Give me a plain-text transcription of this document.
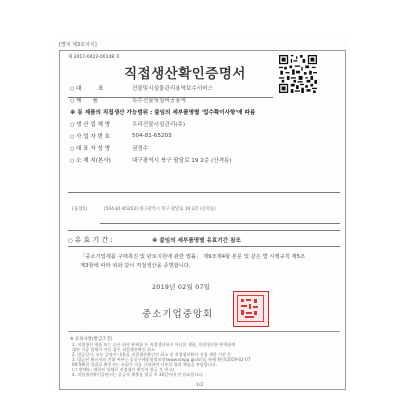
[별지 제3호서식]
제 2017-0422-00148 호
직접생산확인증명서
○ 대　　　표	건물및시설물관리용역보수서비스
○ 제　　품	특수건물및설비공용역
※ 동 제품의 직접생산 가능범위 : 불임의 세부품명별 '업수확이사항'에 따름
○ 생 산 업 체 명	우리건물시설관리(주)
○ 사 업 자 번 호	504-81-65203
○ 대 표 자 성 명	권정수
○ 소 재 지(본사)	대구광역시 북구 팔달로 19 2층 (산격동)
(공장1)	[504-81-65203] 대구광역시 북구 팔달로 19 2층 (산격동)
○ 유 효 기 간 :	※ 붙임의 세부품명별 유효기간 참조
「중소기업제품 구매촉진 및 판로지원에 관한 법률」 제9조제4항 본문 및 같은 법 시행규칙 제5조제3항에 따라 위와 같이 직접생산을 증명합니다.
2019년 02월 07일
중소기업중앙회
※ 유의사항(발급조건)
1. 직접생산 제품 또는 다른 회사 완제품 등 직접생산하지 아니한 제품, 직접생산한 완제품에
대한 가공 업체가 아닌 경우 직접생산확인 취소
2. 발급일이, 모든 증명서 내용을 직접생산확인의 취소 및 직접생산확인 신청 제한 기간 등
3. 발급된 확인서의 진위 여부는 공공구매종합정보망(www.smpp.go.kr)을 통해 확인(2019-02-07
09:59)한 결과로 확인서는 조회가 이를 신뢰하여 사용한 결과 책임을 부담합니다.
(그 밖에도, 제한된 상태로 직접생산 확인서 발급 후 비고)
4. 직접생산확인증명서는 공급자 제출용 발급 후 30일이내 만 유효합니다.
1/2
